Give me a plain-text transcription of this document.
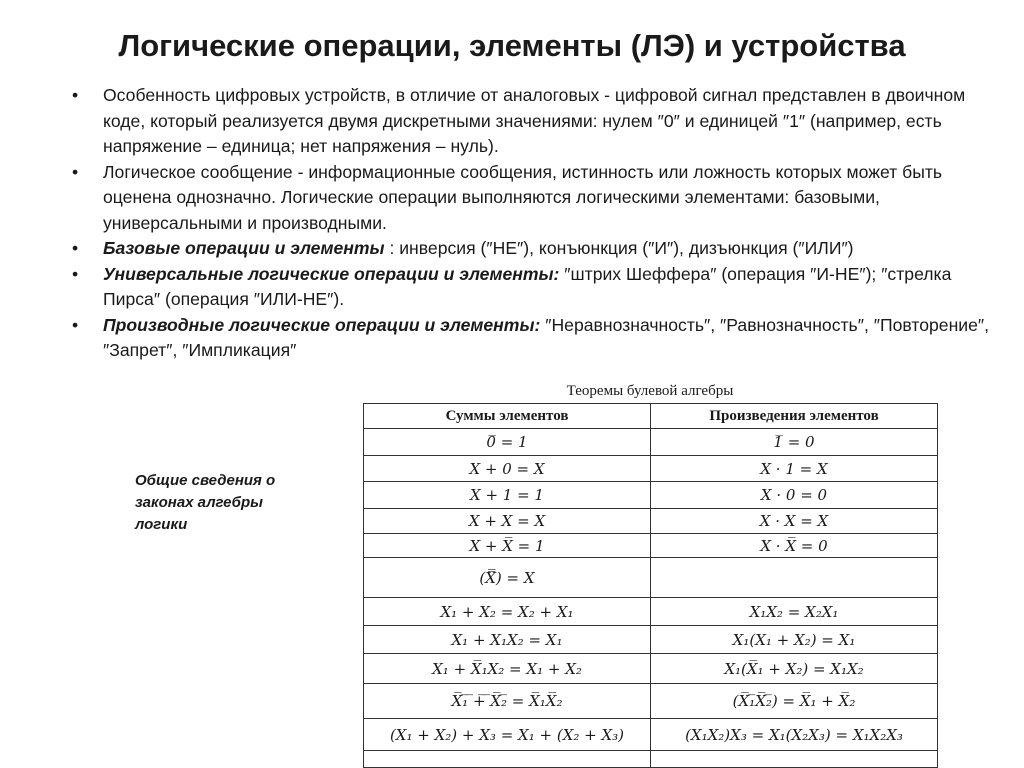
Логические операции, элементы (ЛЭ) и устройства
• Особенность цифровых устройств, в отличие от аналоговых - цифровой сигнал представлен в двоичном коде, который реализуется двумя дискретными значениями: нулем ″0″ и единицей ″1″ (например, есть напряжение – единица; нет напряжения – нуль).
• Логическое сообщение - информационные сообщения, истинность или ложность которых может быть оценена однозначно. Логические операции выполняются логическими элементами: базовыми, универсальными и производными.
• Базовые операции и элементы : инверсия (″НЕ″), конъюнкция (″И″), дизъюнкция (″ИЛИ″)
• Универсальные логические операции и элементы: ″штрих Шеффера″ (операция ″И-НЕ″); ″стрелка Пирса″ (операция ″ИЛИ-НЕ″).
• Производные логические операции и элементы: ″Неравнозначность″, ″Равнозначность″, ″Повторение″, ″Запрет″, ″Импликация″
Общие сведения о законах алгебры логики
Теоремы булевой алгебры
Суммы элементов	Произведения элементов
0̅ = 1	1̅ = 0
X + 0 = X	X · 1 = X
X + 1 = 1	X · 0 = 0
X + X = X	X · X = X
X + X̅ = 1	X · X̅ = 0
(X̿) = X	
X₁ + X₂ = X₂ + X₁	X₁X₂ = X₂X₁
X₁ + X₁X₂ = X₁	X₁(X₁ + X₂) = X₁
X₁ + X̅₁X₂ = X₁ + X₂	X₁(X̅₁ + X₂) = X₁X₂
X̅₁̅ ̅+̅ ̅X̅₂̅ = X̅₁X̅₂	(X̅₁̅X̅₂̅) = X̅₁ + X̅₂
(X₁ + X₂) + X₃ = X₁ + (X₂ + X₃)	(X₁X₂)X₃ = X₁(X₂X₃) = X₁X₂X₃
